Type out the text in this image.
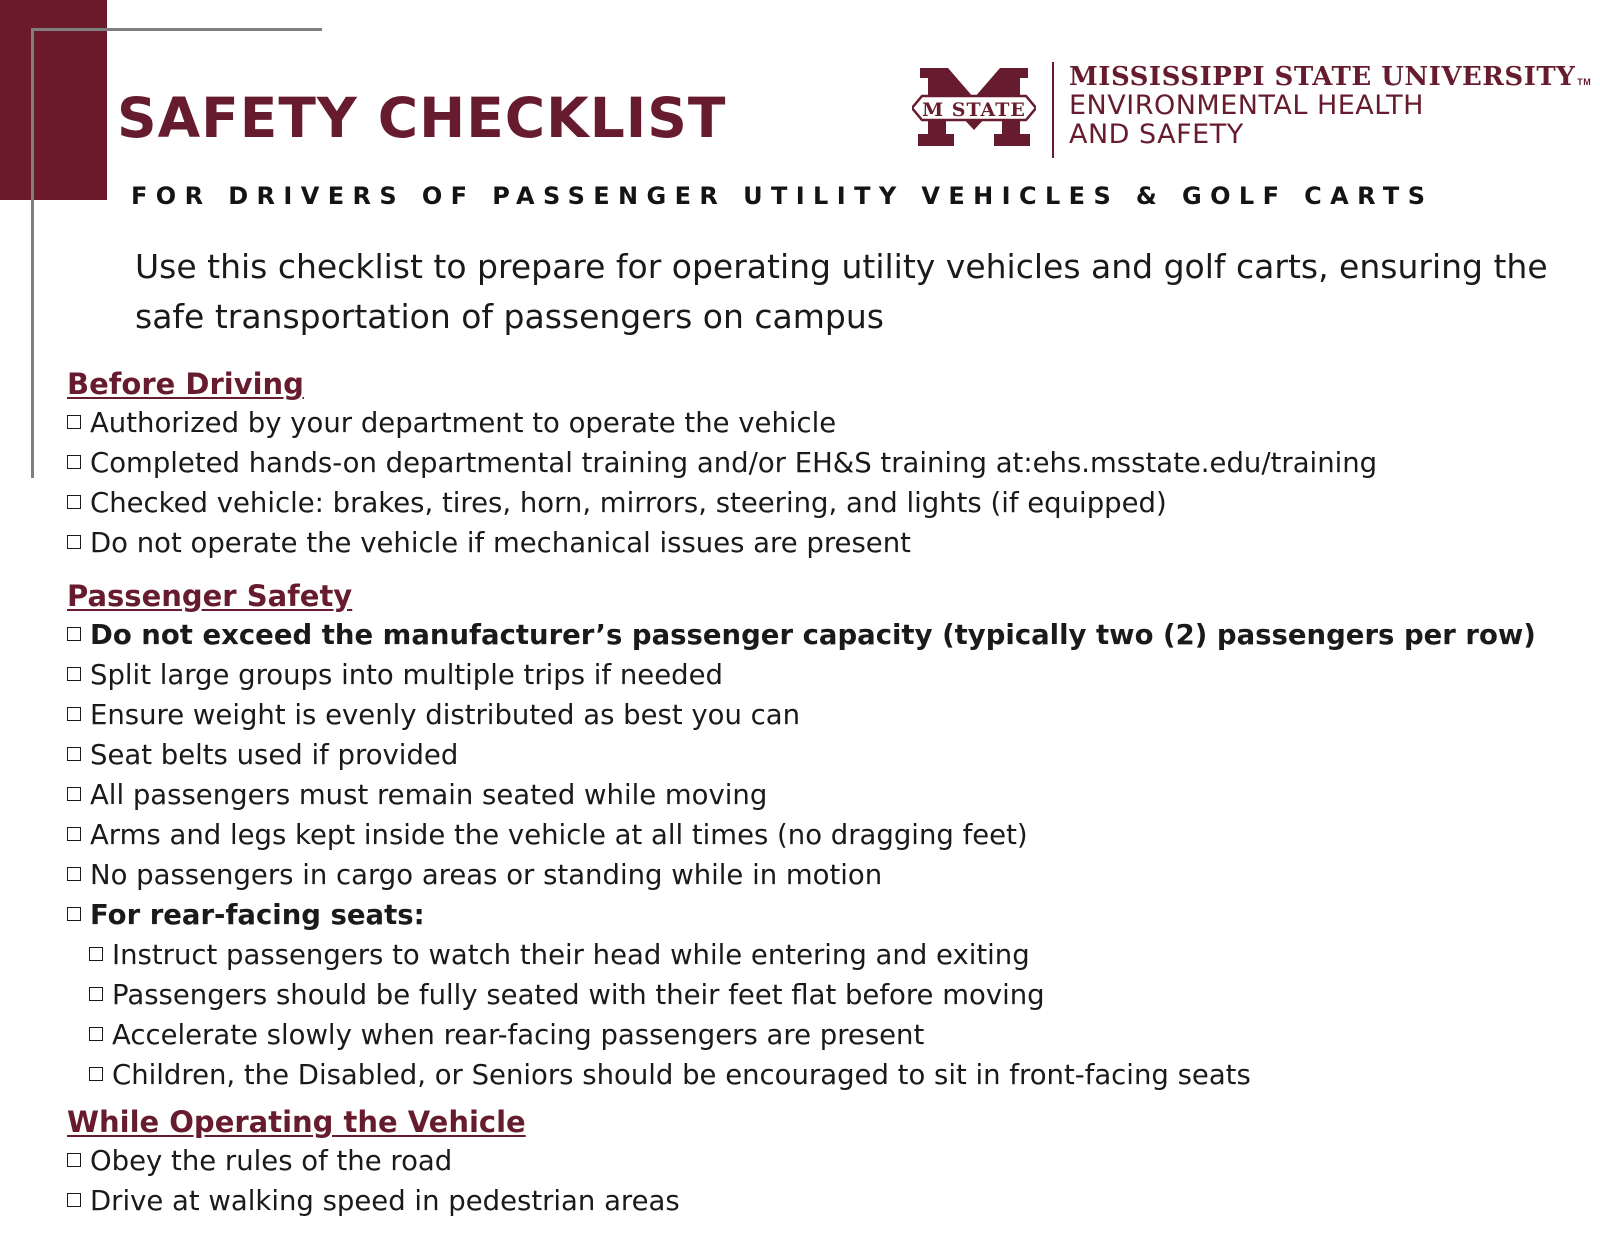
SAFETY CHECKLIST
FOR DRIVERS OF PASSENGER UTILITY VEHICLES & GOLF CARTS
M STATE
MISSISSIPPI STATE UNIVERSITY TM
ENVIRONMENTAL HEALTH
AND SAFETY

Use this checklist to prepare for operating utility vehicles and golf carts, ensuring the safe transportation of passengers on campus

Before Driving
Authorized by your department to operate the vehicle
Completed hands-on departmental training and/or EH&S training at:ehs.msstate.edu/training
Checked vehicle: brakes, tires, horn, mirrors, steering, and lights (if equipped)
Do not operate the vehicle if mechanical issues are present
Passenger Safety
Do not exceed the manufacturer’s passenger capacity (typically two (2) passengers per row)
Split large groups into multiple trips if needed
Ensure weight is evenly distributed as best you can
Seat belts used if provided
All passengers must remain seated while moving
Arms and legs kept inside the vehicle at all times (no dragging feet)
No passengers in cargo areas or standing while in motion
For rear-facing seats:
Instruct passengers to watch their head while entering and exiting
Passengers should be fully seated with their feet flat before moving
Accelerate slowly when rear-facing passengers are present
Children, the Disabled, or Seniors should be encouraged to sit in front-facing seats
While Operating the Vehicle
Obey the rules of the road
Drive at walking speed in pedestrian areas
